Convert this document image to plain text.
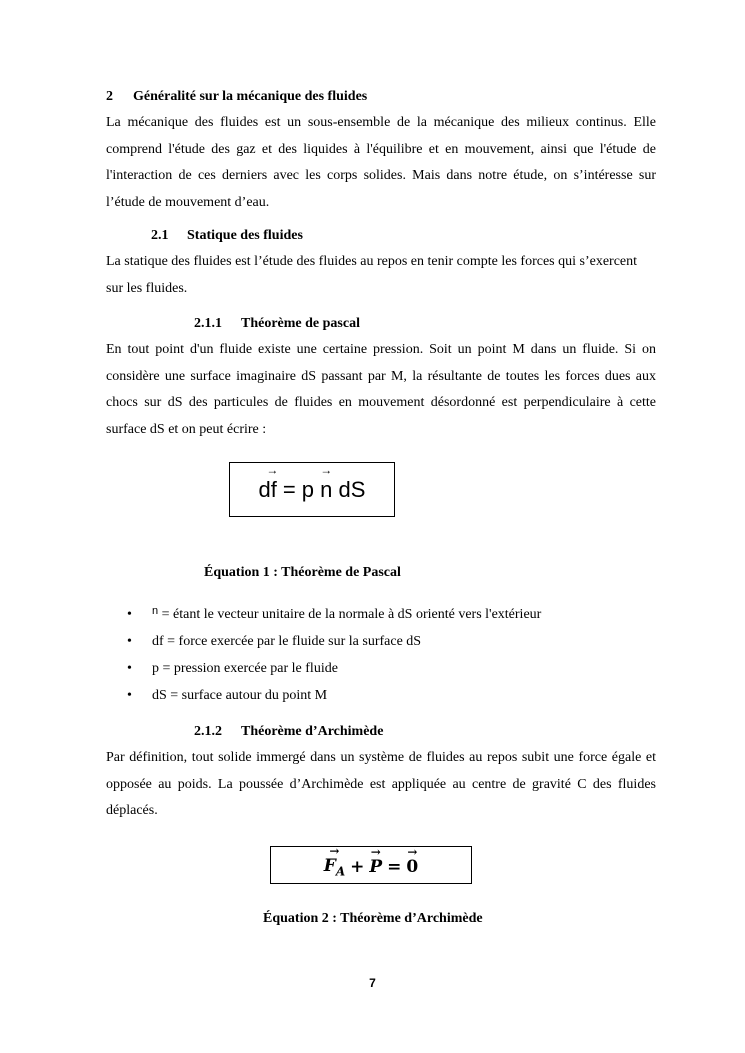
2 Généralité sur la mécanique des fluides

La mécanique des fluides est un sous-ensemble de la mécanique des milieux continus. Elle comprend l'étude des gaz et des liquides à l'équilibre et en mouvement, ainsi que l'étude de l'interaction de ces derniers avec les corps solides. Mais dans notre étude, on s’intéresse sur l’étude de mouvement d’eau.

2.1 Statique des fluides

La statique des fluides est l’étude des fluides au repos en tenir compte les forces qui s’exercent sur les fluides.

2.1.1 Théorème de pascal

En tout point d'un fluide existe une certaine pression. Soit un point M dans un fluide. Si on considère une surface imaginaire dS passant par M, la résultante de toutes les forces dues aux chocs sur dS des particules de fluides en mouvement désordonné est perpendiculaire à cette surface dS et on peut écrire :

df
→
= p
n
→

dS
Équation 1 : Théorème de Pascal
• $^n$ = étant le vecteur unitaire de la normale à dS orienté vers l'extérieur
• df = force exercée par le fluide sur la surface dS
• p = pression exercée par le fluide
• dS = surface autour du point M
2.1.2 Théorème d’Archimède

Par définition, tout solide immergé dans un système de fluides au repos subit une force égale et opposée au poids. La poussée d’Archimède est appliquée au centre de gravité C des fluides déplacés.

$F_A$
→
+ P
→
= 0
→
Équation 2 : Théorème d’Archimède
7
